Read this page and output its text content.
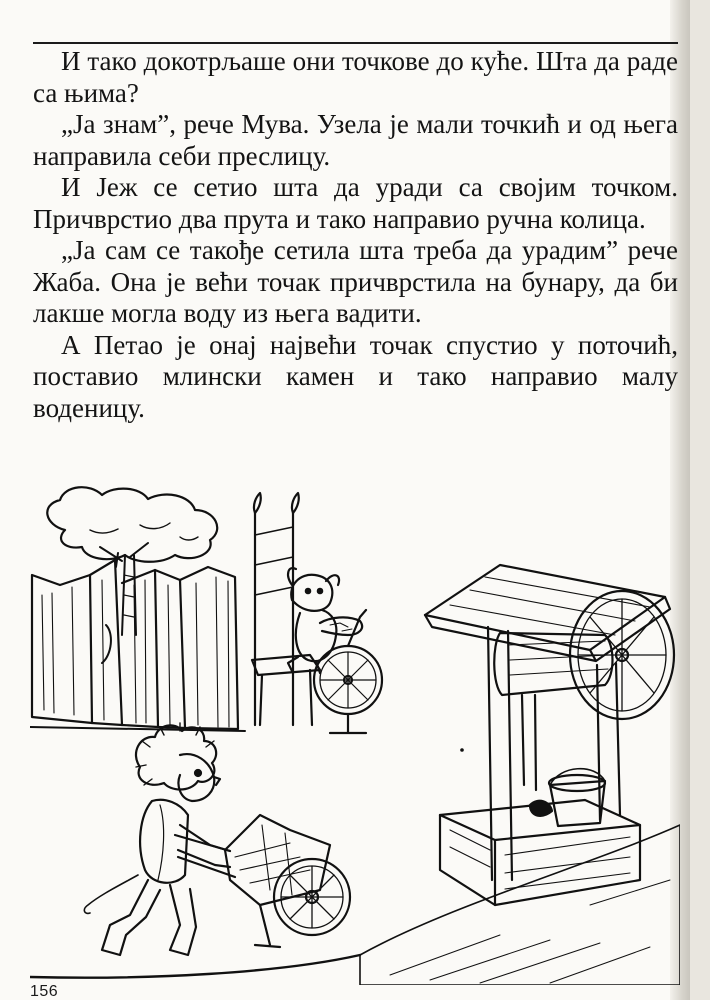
И тако докотрљаше они точкове до куће. Шта да раде са њима?

„Ја знам”, рече Мува. Узела је мали точкић и од њега направила себи преслицу.

И Јеж се сетио шта да уради са својим точком. Причврстио два прута и тако направио ручна колица.

„Ја сам се такође сетила шта треба да урадим” рече Жаба. Она је већи точак причврстила на бунару, да би лакше могла воду из њега вадити.

А Петао је онај највећи точак спустио у поточић, поставио млински камен и тако направио малу воденицу.

156
